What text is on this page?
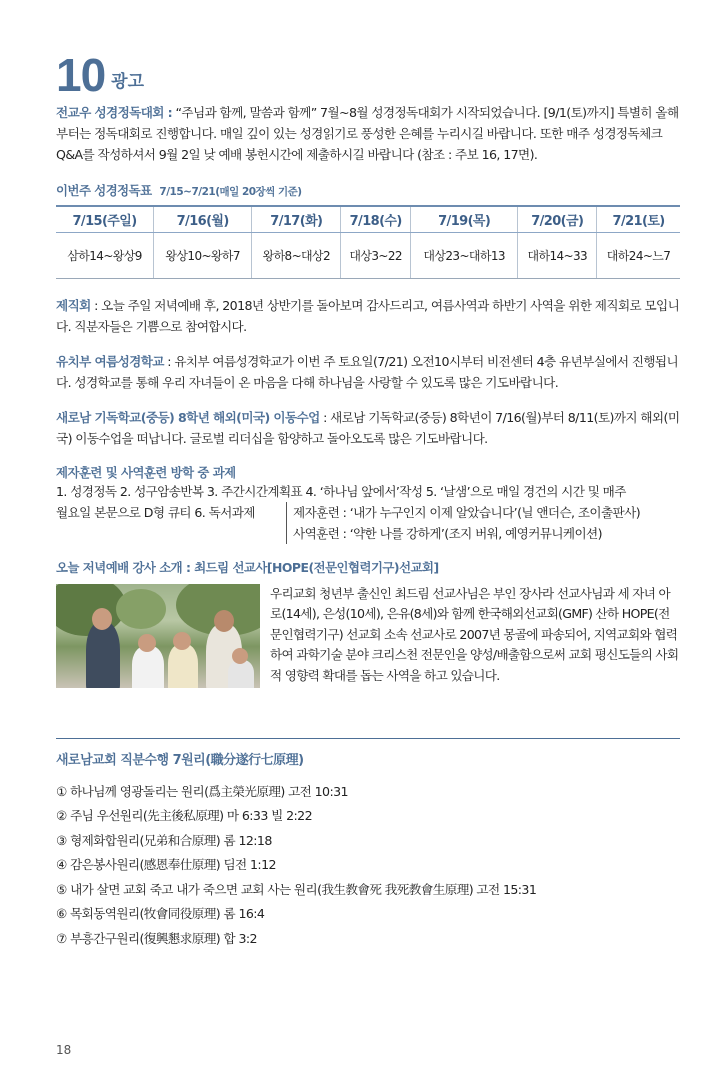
10 광고

전교우 성경정독대회 : “주님과 함께, 말씀과 함께” 7월~8월 성경정독대회가 시작되었습니다. [9/1(토)까지] 특별히 올해부터는 정독대회로 진행합니다. 매일 깊이 있는 성경읽기로 풍성한 은혜를 누리시길 바랍니다. 또한 매주 성경정독체크 Q&A를 작성하셔서 9월 2일 낮 예배 봉헌시간에 제출하시길 바랍니다 (참조 : 주보 16, 17면).

이번주 성경정독표 7/15~7/21(매일 20장씩 기준)
7/15(주일)	7/16(월)	7/17(화)	7/18(수)	7/19(목)	7/20(금)	7/21(토)
삼하14~왕상9	왕상10~왕하7	왕하8~대상2	대상3~22	대상23~대하13	대하14~33	대하24~느7

제직회 : 오늘 주일 저녁예배 후, 2018년 상반기를 돌아보며 감사드리고, 여름사역과 하반기 사역을 위한 제직회로 모입니다. 직분자들은 기쁨으로 참여합시다.

유치부 여름성경학교 : 유치부 여름성경학교가 이번 주 토요일(7/21) 오전10시부터 비전센터 4층 유년부실에서 진행됩니다. 성경학교를 통해 우리 자녀들이 온 마음을 다해 하나님을 사랑할 수 있도록 많은 기도바랍니다.

새로남 기독학교(중등) 8학년 해외(미국) 이동수업 : 새로남 기독학교(중등) 8학년이 7/16(월)부터 8/11(토)까지 해외(미국) 이동수업을 떠납니다. 글로벌 리더십을 함양하고 돌아오도록 많은 기도바랍니다.

제자훈련 및 사역훈련 방학 중 과제
1. 성경정독 2. 성구암송반복 3. 주간시간계획표 4. ‘하나님 앞에서’작성 5. ‘날샘’으로 매일 경건의 시간 및 매주
월요일 본문으로 D형 큐티 6. 독서과제	제자훈련 : ‘내가 누구인지 이제 알았습니다’(닐 앤더슨, 조이출판사)
사역훈련 : ‘약한 나를 강하게’(조지 버워, 예영커뮤니케이션)
오늘 저녁예배 강사 소개 : 최드림 선교사[HOPE(전문인협력기구)선교회]
우리교회 청년부 출신인 최드림 선교사님은 부인 장사라 선교사님과 세 자녀 아로(14세), 은성(10세), 은유(8세)와 함께 한국해외선교회(GMF) 산하 HOPE(전문인협력기구) 선교회 소속 선교사로 2007년 몽골에 파송되어, 지역교회와 협력하여 과학기술 분야 크리스천 전문인을 양성/배출함으로써 교회 평신도들의 사회적 영향력 확대를 돕는 사역을 하고 있습니다.
새로남교회 직분수행 7원리(職分遂行七原理)
① 하나님께 영광돌리는 원리(爲主榮光原理) 고전 10:31
② 주님 우선원리(先主後私原理) 마 6:33 빌 2:22
③ 형제화합원리(兄弟和合原理) 롬 12:18
④ 감은봉사원리(感恩奉仕原理) 딤전 1:12
⑤ 내가 살면 교회 죽고 내가 죽으면 교회 사는 원리(我生教會死 我死教會生原理) 고전 15:31
⑥ 목회동역원리(牧會同役原理) 롬 16:4
⑦ 부흥간구원리(復興懇求原理) 합 3:2
18
